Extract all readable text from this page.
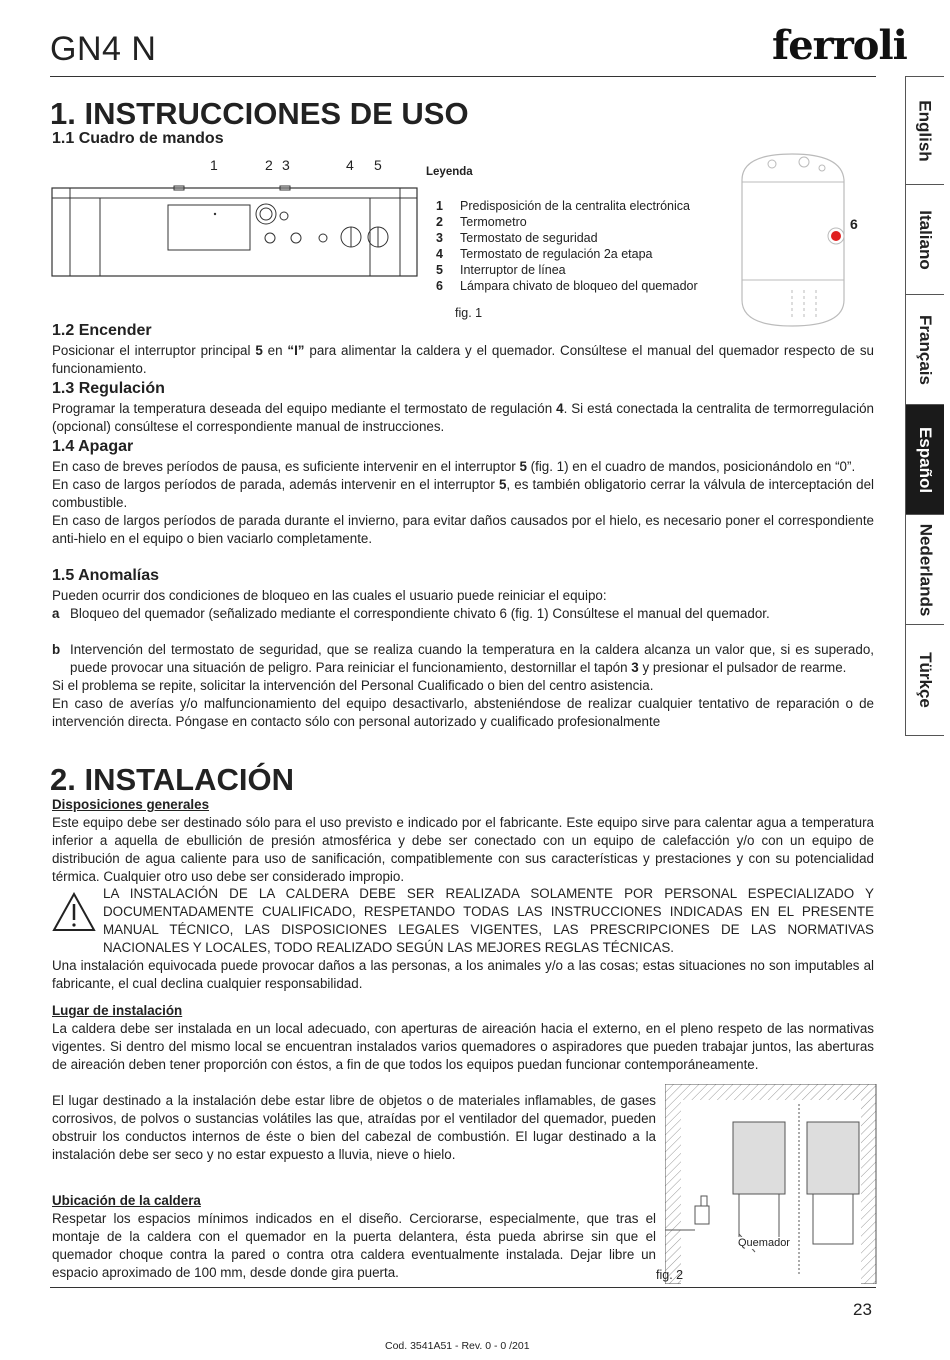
GN4 N	ferroli
English
Italiano
Français
Español
Nederlands
Türkçe
1. INSTRUCCIONES DE USO
1.1 Cuadro de mandos
1	2 3	4 5	Leyenda
1	Predisposición de la centralita electrónica
2	Termometro
3	Termostato de seguridad
4	Termostato de regulación 2a etapa
5	Interruptor de línea
6	Lámpara chivato de bloqueo del quemador
fig. 1
6
1.2 Encender

Posicionar el interruptor principal 5 en “I” para alimentar la caldera y el quemador. Consúltese el manual del quemador respecto de su funcionamiento.

1.3 Regulación

Programar la temperatura deseada del equipo mediante el termostato de regulación 4. Si está conectada la centralita de termorregulación (opcional) consúltese el correspondiente manual de instrucciones.

1.4 Apagar

En caso de breves períodos de pausa, es suficiente intervenir en el interruptor 5 (fig. 1) en el cuadro de mandos, posicionándolo en “0”.

En caso de largos períodos de parada, además intervenir en el interruptor 5, es también obligatorio cerrar la válvula de interceptación del combustible.

En caso de largos períodos de parada durante el invierno, para evitar daños causados por el hielo, es necesario poner el correspondiente anti-hielo en el equipo o bien vaciarlo completamente.

1.5 Anomalías

Pueden ocurrir dos condiciones de bloqueo en las cuales el usuario puede reiniciar el equipo:

a Bloqueo del quemador (señalizado mediante el correspondiente chivato 6 (fig. 1) Consúltese el manual del quemador.
b Intervención del termostato de seguridad, que se realiza cuando la temperatura en la caldera alcanza un valor que, si es superado, puede provocar una situación de peligro. Para reiniciar el funcionamiento, destornillar el tapón 3 y presionar el pulsador de rearme.

Si el problema se repite, solicitar la intervención del Personal Cualificado o bien del centro asistencia.

En caso de averías y/o malfuncionamiento del equipo desactivarlo, absteniéndose de realizar cualquier tentativo de reparación o de intervención directa. Póngase en contacto sólo con personal autorizado y cualificado profesionalmente

2. INSTALACIÓN
Disposiciones generales

Este equipo debe ser destinado sólo para el uso previsto e indicado por el fabricante. Este equipo sirve para calentar agua a temperatura inferior a aquella de ebullición de presión atmosférica y debe ser conectado con un equipo de calefacción y/o con un equipo de distribución de agua caliente para uso de sanificación, compatiblemente con sus características y prestaciones y con su potencialidad térmica. Cualquier otro uso debe ser considerado impropio.

LA INSTALACIÓN DE LA CALDERA DEBE SER REALIZADA SOLAMENTE POR PERSONAL ESPECIALIZADO Y DOCUMENTADAMENTE CUALIFICADO, RESPETANDO TODAS LAS INSTRUCCIONES INDICADAS EN EL PRESENTE MANUAL TÉCNICO, LAS DISPOSICIONES LEGALES VIGENTES, LAS PRESCRIPCIONES DE LAS NORMATIVAS NACIONALES Y LOCALES, TODO REALIZADO SEGÚN LAS MEJORES REGLAS TÉCNICAS.

Una instalación equivocada puede provocar daños a las personas, a los animales y/o a las cosas; estas situaciones no son imputables al fabricante, el cual declina cualquier responsabilidad.

Lugar de instalación

La caldera debe ser instalada en un local adecuado, con aperturas de aireación hacia el externo, en el pleno respeto de las normativas vigentes. Si dentro del mismo local se encuentran instalados varios quemadores o aspiradores que pueden trabajar juntos, las aberturas de aireación deben tener proporción con éstos, a fin de que todos los equipos puedan funcionar contemporáneamente.

El lugar destinado a la instalación debe estar libre de objetos o de materiales inflamables, de gases corrosivos, de polvos o sustancias volátiles las que, atraídas por el ventilador del quemador, pueden obstruir los conductos internos de éste o bien del cabezal de combustión. El lugar destinado a la instalación debe ser seco y no estar expuesto a lluvia, nieve o hielo.

Ubicación de la caldera

Respetar los espacios mínimos indicados en el diseño. Cerciorarse, especialmente, que tras el montaje de la caldera con el quemador en la puerta delantera, ésta pueda abrirse sin que el quemador choque contra la pared o contra otra caldera eventualmente instalada. Dejar libre un espacio aproximado de 100 mm, desde donde gira puerta.

Quemador
fig. 2
23
Cod. 3541A51 - Rev. 0 - 0 /201
